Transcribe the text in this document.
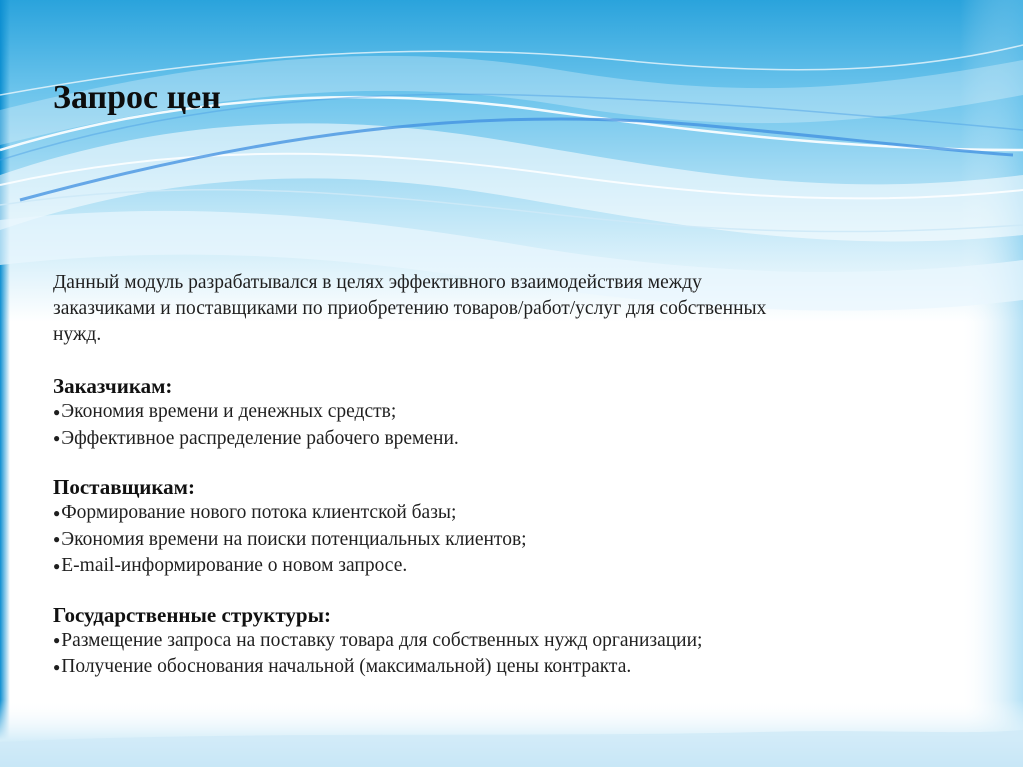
Запрос цен

Данный модуль разрабатывался в целях эффективного взаимодействия между
заказчиками и поставщиками по приобретению товаров/работ/услуг для собственных
нужд.

Заказчикам:

●Экономия времени и денежных средств;
●Эффективное распределение рабочего времени.

Поставщикам:

●Формирование нового потока клиентской базы;
●Экономия времени на поиски потенциальных клиентов;
●E-mail-информирование о новом запросе.

Государственные структуры:

●Размещение запроса на поставку товара для собственных нужд организации;
●Получение обоснования начальной (максимальной) цены контракта.
